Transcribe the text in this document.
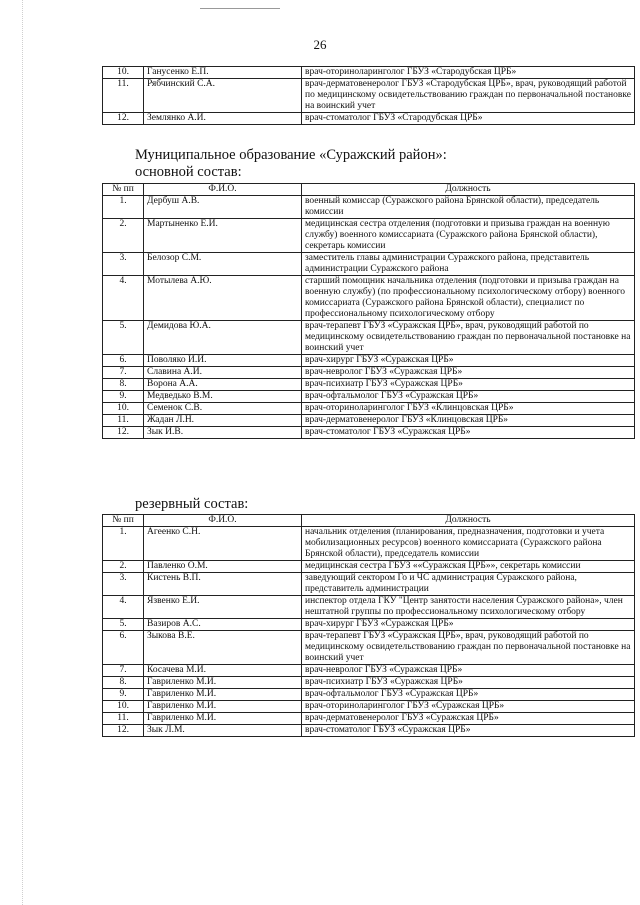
26
10.	Ганусенко Е.П.	врач-оториноларинголог ГБУЗ «Стародубская ЦРБ»
11.	Рябчинский С.А.	врач-дерматовенеролог ГБУЗ «Стародубская ЦРБ», врач, руководящий работой по медицинскому освидетельствованию граждан по первоначальной постановке на воинский учет
12.	Землянко А.И.	врач-стоматолог ГБУЗ «Стародубская ЦРБ»
Муниципальное образование «Суражский район»:
основной состав:
№ пп	Ф.И.О.	Должность
1.	Дербуш А.В.	военный комиссар (Суражского района Брянской области), председатель комиссии
2.	Мартыненко Е.И.	медицинская сестра отделения (подготовки и призыва граждан на военную службу) военного комиссариата (Суражского района Брянской области), секретарь комиссии
3.	Белозор С.М.	заместитель главы администрации Суражского района, представитель администрации Суражского района
4.	Мотылева А.Ю.	старший помощник начальника отделения (подготовки и призыва граждан на военную службу) (по профессиональному психологическому отбору) военного комиссариата (Суражского района Брянской области), специалист по профессиональному психологическому отбору
5.	Демидова Ю.А.	врач-терапевт ГБУЗ «Суражская ЦРБ», врач, руководящий работой по медицинскому освидетельствованию граждан по первоначальной постановке на воинский учет
6.	Поволяко И.И.	врач-хирург ГБУЗ «Суражская ЦРБ»
7.	Славина А.И.	врач-невролог ГБУЗ «Суражская ЦРБ»
8.	Ворона А.А.	врач-психиатр ГБУЗ «Суражская ЦРБ»
9.	Медведько В.М.	врач-офтальмолог ГБУЗ «Суражская ЦРБ»
10.	Семенок С.В.	врач-оториноларинголог ГБУЗ «Клинцовская ЦРБ»
11.	Жадан Л.Н.	врач-дерматовенеролог ГБУЗ «Клинцовская ЦРБ»
12.	Зык И.В.	врач-стоматолог ГБУЗ «Суражская ЦРБ»
резервный состав:
№ пп	Ф.И.О.	Должность
1.	Агеенко С.Н.	начальник отделения (планирования, предназначения, подготовки и учета мобилизационных ресурсов) военного комиссариата (Суражского района Брянской области), председатель комиссии
2.	Павленко О.М.	медицинская сестра ГБУЗ ««Суражская ЦРБ»», секретарь комиссии
3.	Кистень В.П.	заведующий сектором Го и ЧС администрация Суражского района, представитель администрации
4.	Язвенко Е.И.	инспектор отдела ГКУ "Центр занятости населения Суражского района», член нештатной группы по профессиональному психологическому отбору
5.	Вазиров А.С.	врач-хирург ГБУЗ «Суражская ЦРБ»
6.	Зыкова В.Е.	врач-терапевт ГБУЗ «Суражская ЦРБ», врач, руководящий работой по медицинскому освидетельствованию граждан по первоначальной постановке на воинский учет
7.	Косачева М.И.	врач-невролог ГБУЗ «Суражская ЦРБ»
8.	Гавриленко М.И.	врач-психиатр ГБУЗ «Суражская ЦРБ»
9.	Гавриленко М.И.	врач-офтальмолог ГБУЗ «Суражская ЦРБ»
10.	Гавриленко М.И.	врач-оториноларинголог ГБУЗ «Суражская ЦРБ»
11.	Гавриленко М.И.	врач-дерматовенеролог ГБУЗ «Суражская ЦРБ»
12.	Зык Л.М.	врач-стоматолог ГБУЗ «Суражская ЦРБ»
